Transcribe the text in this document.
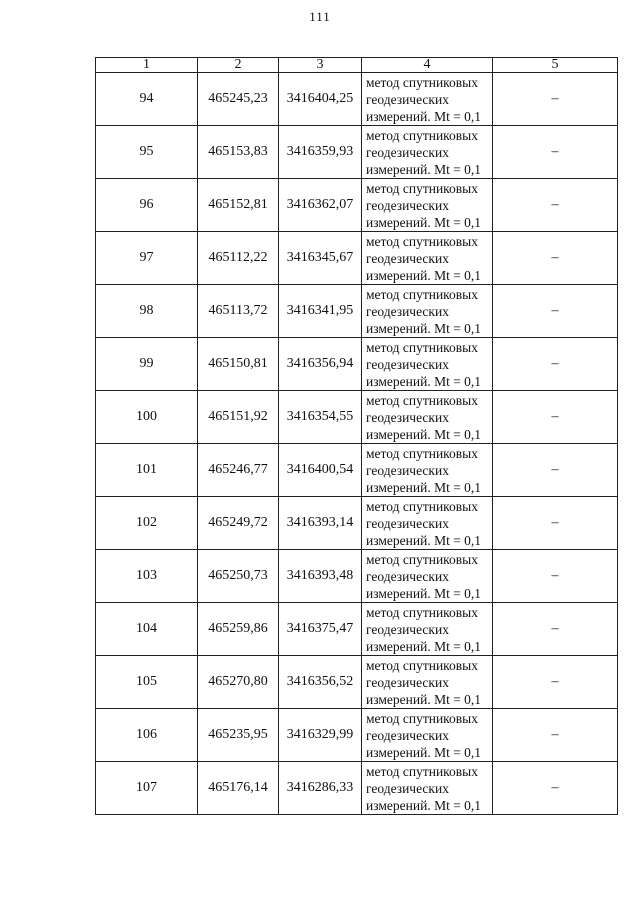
111
1	2	3	4	5
94	465245,23	3416404,25	метод спутниковых
геодезических
измерений. Mt = 0,1	–
95	465153,83	3416359,93	метод спутниковых
геодезических
измерений. Mt = 0,1	–
96	465152,81	3416362,07	метод спутниковых
геодезических
измерений. Mt = 0,1	–
97	465112,22	3416345,67	метод спутниковых
геодезических
измерений. Mt = 0,1	–
98	465113,72	3416341,95	метод спутниковых
геодезических
измерений. Mt = 0,1	–
99	465150,81	3416356,94	метод спутниковых
геодезических
измерений. Mt = 0,1	–
100	465151,92	3416354,55	метод спутниковых
геодезических
измерений. Mt = 0,1	–
101	465246,77	3416400,54	метод спутниковых
геодезических
измерений. Mt = 0,1	–
102	465249,72	3416393,14	метод спутниковых
геодезических
измерений. Mt = 0,1	–
103	465250,73	3416393,48	метод спутниковых
геодезических
измерений. Mt = 0,1	–
104	465259,86	3416375,47	метод спутниковых
геодезических
измерений. Mt = 0,1	–
105	465270,80	3416356,52	метод спутниковых
геодезических
измерений. Mt = 0,1	–
106	465235,95	3416329,99	метод спутниковых
геодезических
измерений. Mt = 0,1	–
107	465176,14	3416286,33	метод спутниковых
геодезических
измерений. Mt = 0,1	–
